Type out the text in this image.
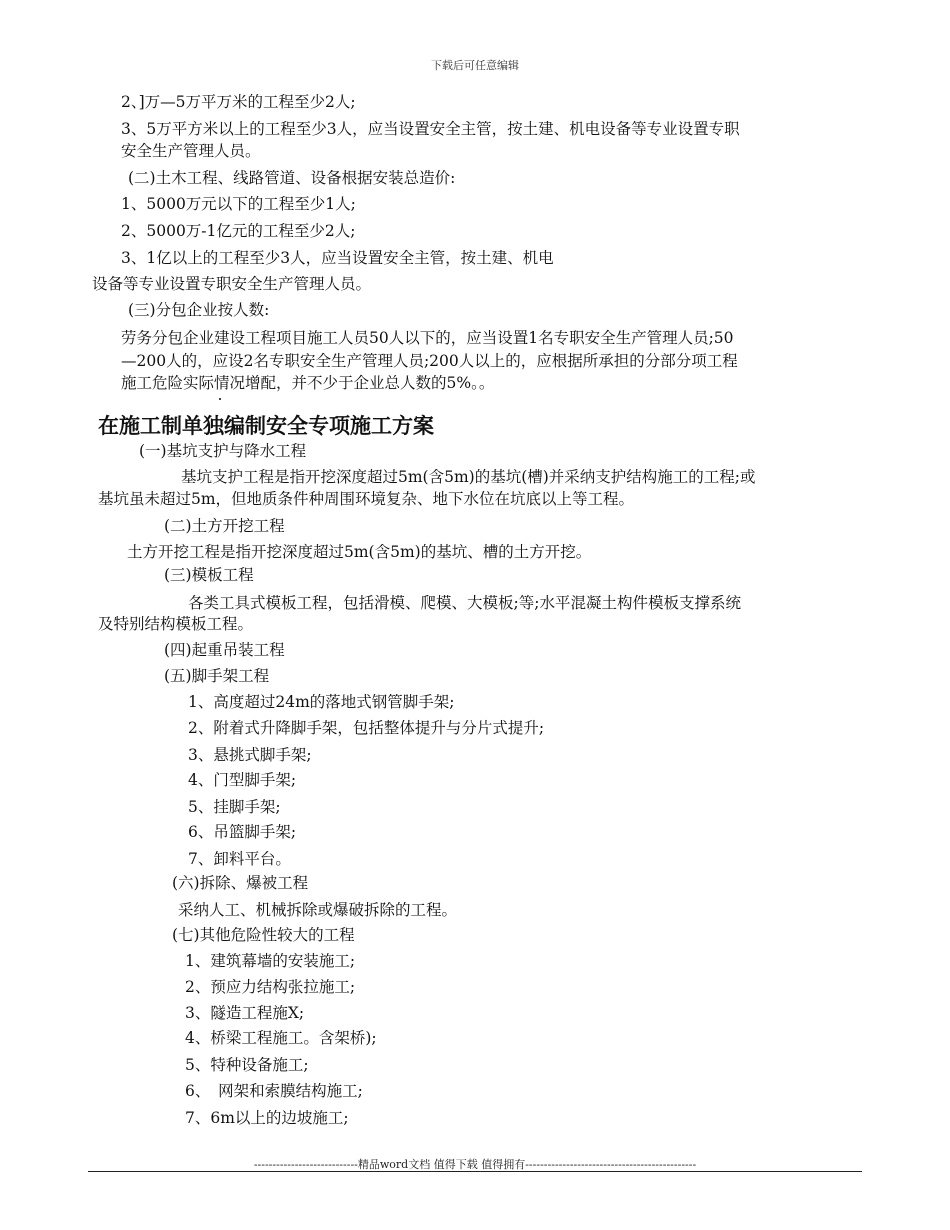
下载后可任意编辑
2、]万—5万平万米的工程至少2人;
3、5万平方米以上的工程至少3人，应当设置安全主管，按土建、机电设备等专业设置专职
安全生产管理人员。
(二)土木工程、线路管道、设备根据安装总造价:
1、5000万元以下的工程至少1人;
2、5000万-1亿元的工程至少2人;
3、1亿以上的工程至少3人，应当设置安全主管，按土建、机电
设备等专业设置专职安全生产管理人员。
(三)分包企业按人数:
劳务分包企业建设工程项目施工人员50人以下的，应当设置1名专职安全生产管理人员;50
—200人的，应设2名专职安全生产管理人员;200人以上的，应根据所承担的分部分项工程
施工危险实际情况增配，并不少于企业总人数的5%。。
在施工制单独编制安全专项施工方案
(一)基坑支护与降水工程
基坑支护工程是指开挖深度超过5m(含5m)的基坑(槽)并采纳支护结构施工的工程;或
基坑虽未超过5m，但地质条件种周围环境复杂、地下水位在坑底以上等工程。
(二)土方开挖工程
土方开挖工程是指开挖深度超过5m(含5m)的基坑、槽的土方开挖。
(三)模板工程
各类工具式模板工程，包括滑模、爬模、大模板;等;水平混凝土构件模板支撑系统
及特别结构模板工程。
(四)起重吊装工程
(五)脚手架工程
1、高度超过24m的落地式钢管脚手架;
2、附着式升降脚手架，包括整体提升与分片式提升;
3、悬挑式脚手架;
4、门型脚手架;
5、挂脚手架;
6、吊篮脚手架;
7、卸料平台。
(六)拆除、爆被工程
采纳人工、机械拆除或爆破拆除的工程。
(七)其他危险性较大的工程
1、建筑幕墙的安装施工;
2、预应力结构张拉施工;
3、隧造工程施X;
4、桥梁工程施工。含架桥);
5、特种设备施工;
6、　网架和索膜结构施工;
7、6m以上的边坡施工;
----------------------------精品word文档 值得下载 值得拥有----------------------------------------------
